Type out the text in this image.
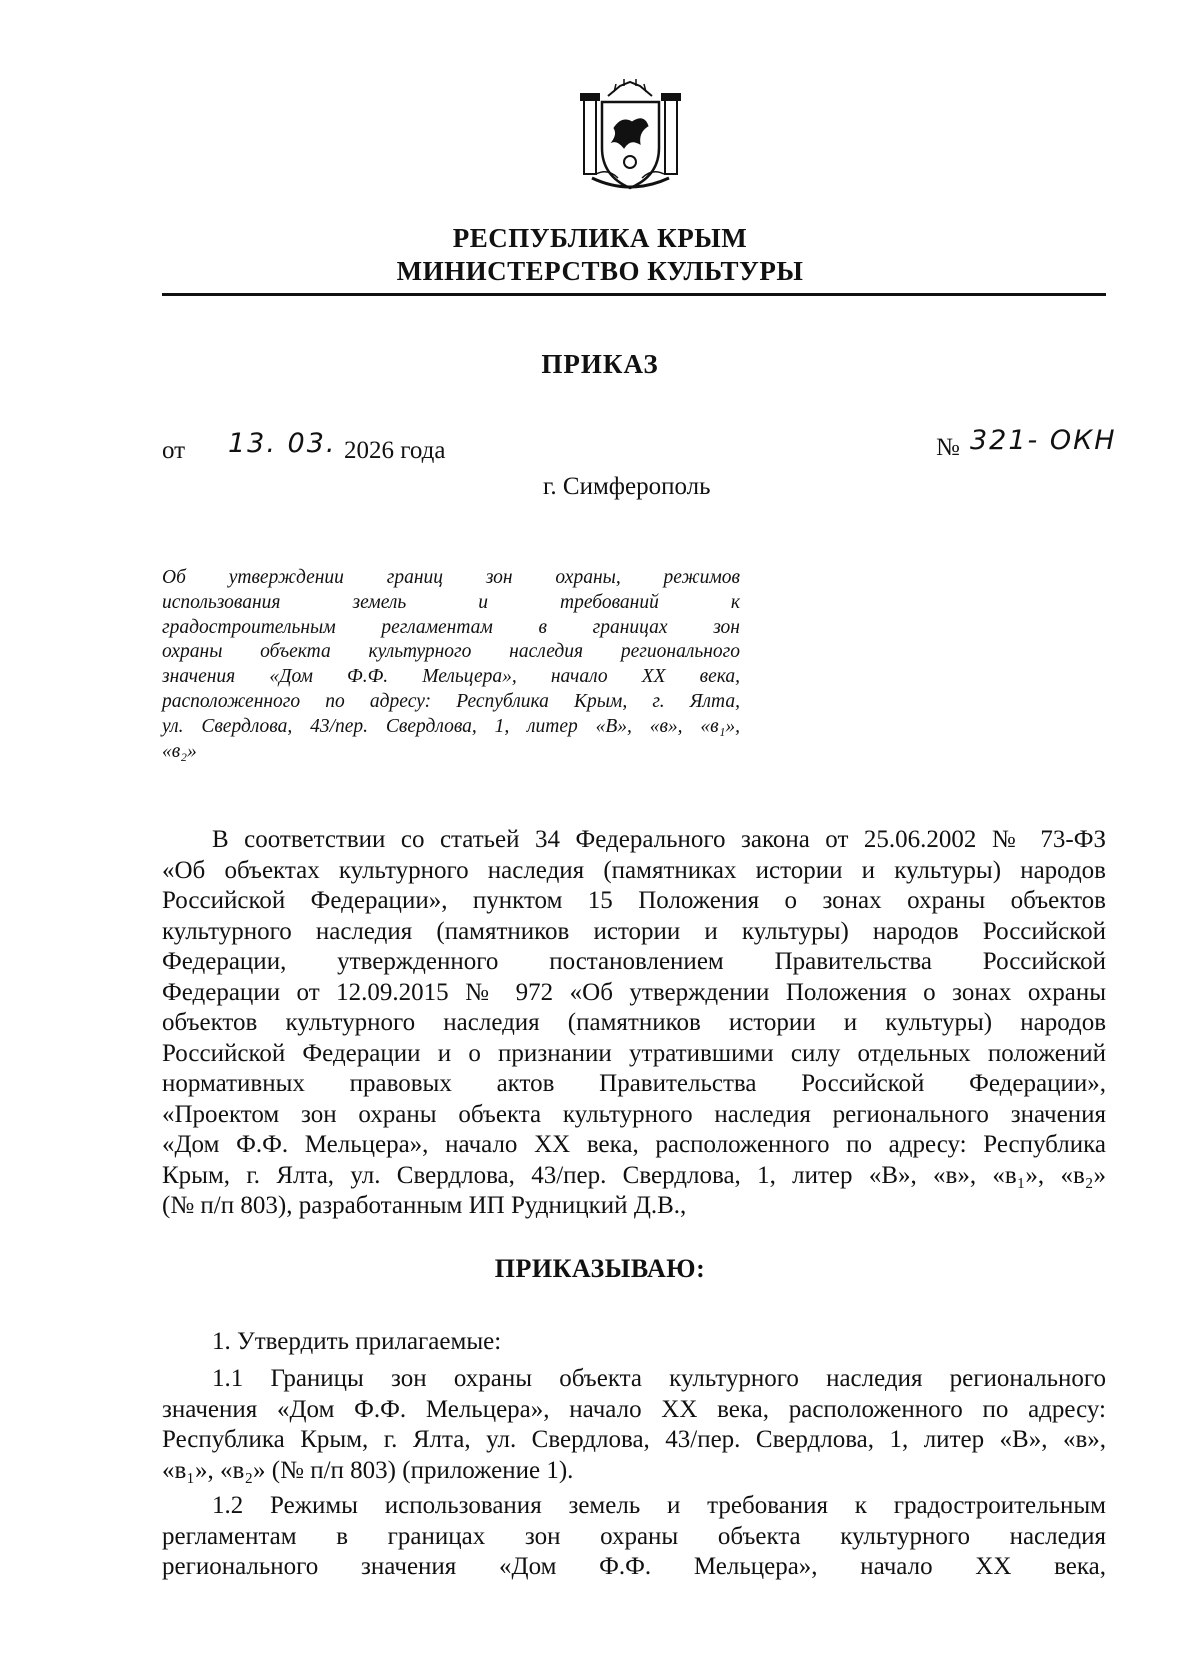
РЕСПУБЛИКА КРЫМ
МИНИСТЕРСТВО КУЛЬТУРЫ
ПРИКАЗ
от 13. 03. 2026 года	№ 321- ОКН
г. Симферополь
Об утверждении границ зон охраны, режимов
использования земель и требований к
градостроительным регламентам в границах зон
охраны объекта культурного наследия регионального
значения «Дом Ф.Ф. Мельцера», начало XX века,
расположенного по адресу: Республика Крым, г. Ялта,
ул. Свердлова, 43/пер. Свердлова, 1, литер «В», «в», «в₁»,
«в₂»
В соответствии со статьей 34 Федерального закона от 25.06.2002 № 73-ФЗ
«Об объектах культурного наследия (памятниках истории и культуры) народов
Российской Федерации», пунктом 15 Положения о зонах охраны объектов
культурного наследия (памятников истории и культуры) народов Российской
Федерации, утвержденного постановлением Правительства Российской
Федерации от 12.09.2015 № 972 «Об утверждении Положения о зонах охраны
объектов культурного наследия (памятников истории и культуры) народов
Российской Федерации и о признании утратившими силу отдельных положений
нормативных правовых актов Правительства Российской Федерации»,
«Проектом зон охраны объекта культурного наследия регионального значения
«Дом Ф.Ф. Мельцера», начало XX века, расположенного по адресу: Республика
Крым, г. Ялта, ул. Свердлова, 43/пер. Свердлова, 1, литер «В», «в», «в₁», «в₂»
(№ п/п 803), разработанным ИП Рудницкий Д.В.,
ПРИКАЗЫВАЮ:
1. Утвердить прилагаемые:
1.1 Границы зон охраны объекта культурного наследия регионального
значения «Дом Ф.Ф. Мельцера», начало XX века, расположенного по адресу:
Республика Крым, г. Ялта, ул. Свердлова, 43/пер. Свердлова, 1, литер «В», «в»,
«в₁», «в₂» (№ п/п 803) (приложение 1).
1.2 Режимы использования земель и требования к градостроительным
регламентам в границах зон охраны объекта культурного наследия
регионального значения «Дом Ф.Ф. Мельцера», начало XX века,
